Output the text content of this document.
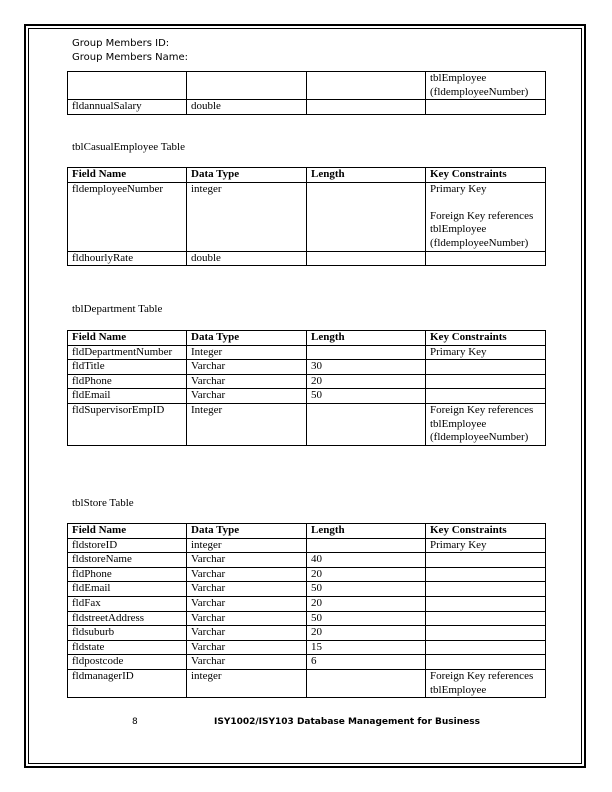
Group Members ID:
Group Members Name:
			tblEmployee (fldemployeeNumber)
fldannualSalary	double		
tblCasualEmployee Table
Field Name	Data Type	Length	Key Constraints
fldemployeeNumber	integer		Primary Key
Foreign Key references tblEmployee (fldemployeeNumber)

fldhourlyRate	double		
tblDepartment Table
Field Name	Data Type	Length	Key Constraints
fldDepartmentNumber	Integer		Primary Key
fldTitle	Varchar	30	
fldPhone	Varchar	20	
fldEmail	Varchar	50	
fldSupervisorEmpID	Integer		Foreign Key references tblEmployee (fldemployeeNumber)
tblStore Table
Field Name	Data Type	Length	Key Constraints
fldstoreID	integer		Primary Key
fldstoreName	Varchar	40	
fldPhone	Varchar	20	
fldEmail	Varchar	50	
fldFax	Varchar	20	
fldstreetAddress	Varchar	50	
fldsuburb	Varchar	20	
fldstate	Varchar	15	
fldpostcode	Varchar	6	
fldmanagerID	integer		Foreign Key references tblEmployee
8	ISY1002/ISY103 Database Management for Business
